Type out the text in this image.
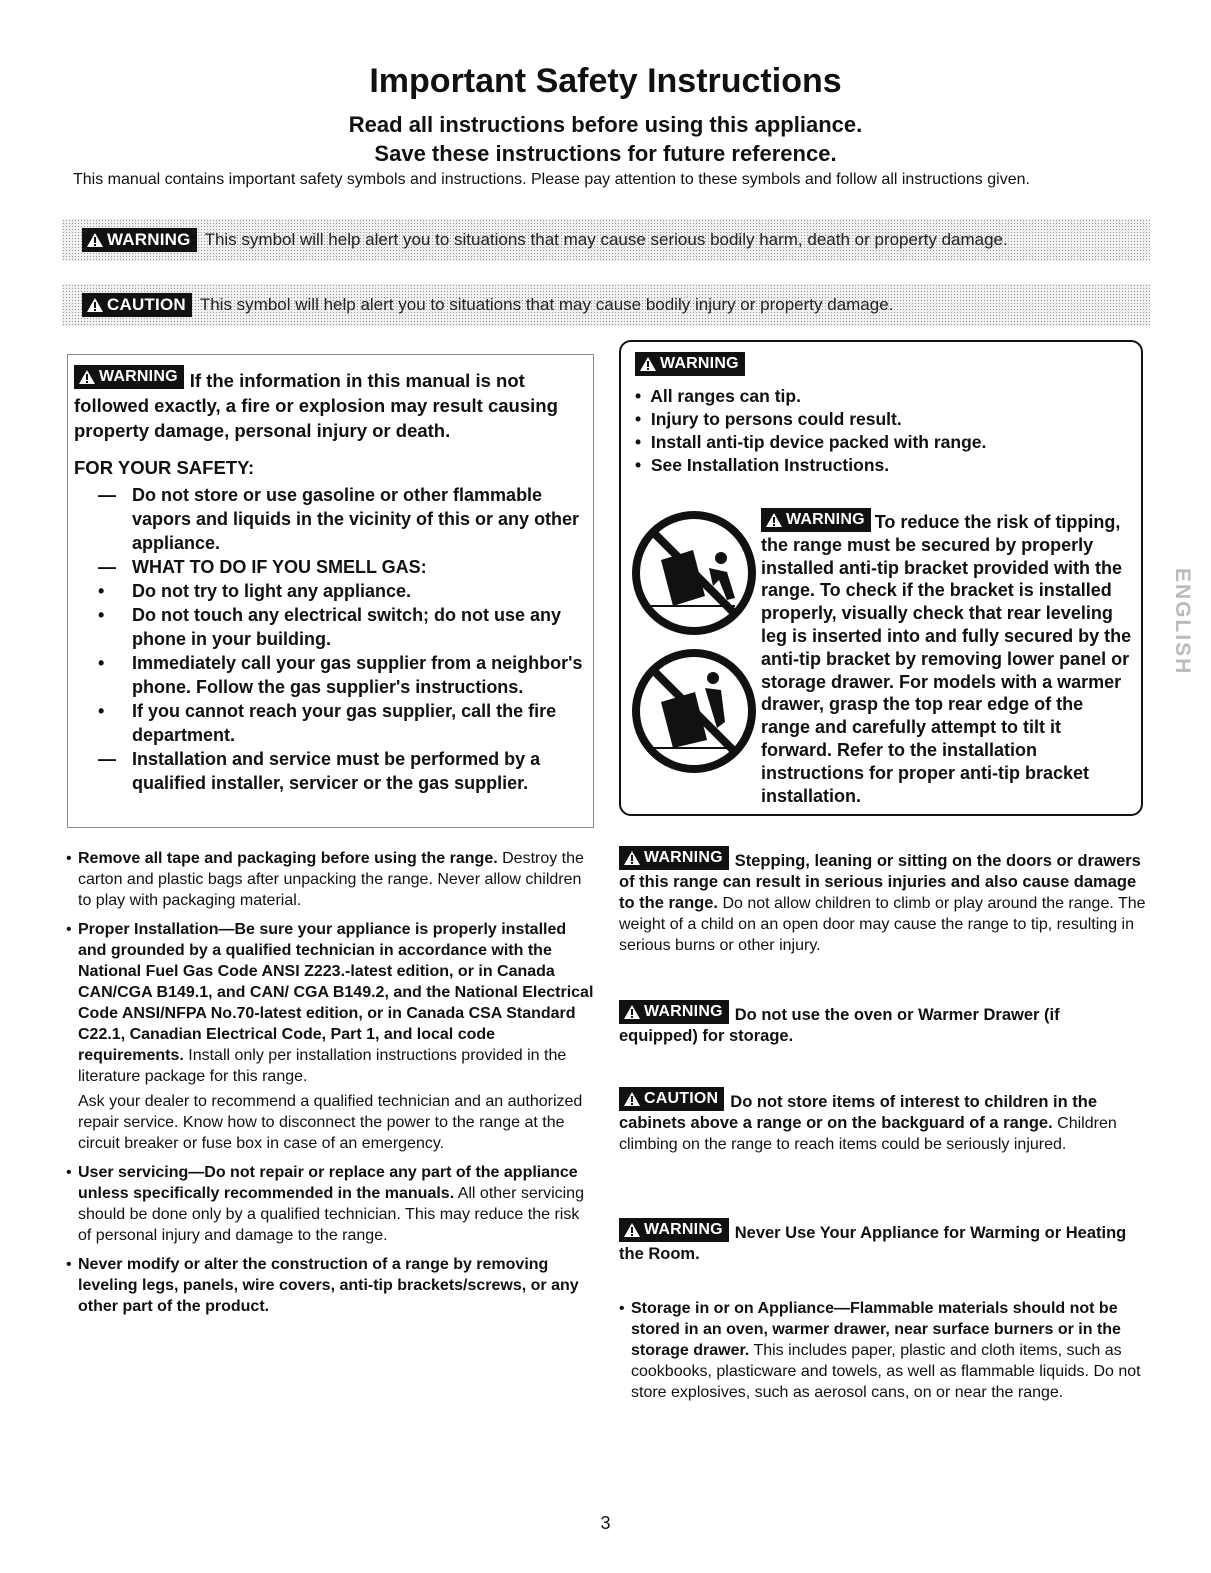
Important Safety Instructions
Read all instructions before using this appliance.
Save these instructions for future reference.
This manual contains important safety symbols and instructions. Please pay attention to these symbols and follow all instructions given.
WARNING This symbol will help alert you to situations that may cause serious bodily harm, death or property damage.
CAUTION This symbol will help alert you to situations that may cause bodily injury or property damage.
WARNING If the information in this manual is not followed exactly, a fire or explosion may result causing property damage, personal injury or death.
FOR YOUR SAFETY:
— Do not store or use gasoline or other flammable vapors and liquids in the vicinity of this or any other appliance.
— WHAT TO DO IF YOU SMELL GAS:
•	Do not try to light any appliance.
•	Do not touch any electrical switch; do not use any phone in your building.
•	Immediately call your gas supplier from a neighbor's phone. Follow the gas supplier's instructions.
•	If you cannot reach your gas supplier, call the fire department.
— Installation and service must be performed by a qualified installer, servicer or the gas supplier.
WARNING
•  All ranges can tip.
•  Injury to persons could result.
•  Install anti-tip device packed with range.
•  See Installation Instructions.
WARNING To reduce the risk of tipping, the range must be secured by properly installed anti-tip bracket provided with the range. To check if the bracket is installed properly, visually check that rear leveling leg is inserted into and fully secured by the anti-tip bracket by removing lower panel or storage drawer. For models with a warmer drawer, grasp the top rear edge of the range and carefully attempt to tilt it forward. Refer to the installation instructions for proper anti-tip bracket installation.
ENGLISH
• Remove all tape and packaging before using the range. Destroy the carton and plastic bags after unpacking the range. Never allow children to play with packaging material.
• Proper Installation—Be sure your appliance is properly installed and grounded by a qualified technician in accordance with the National Fuel Gas Code ANSI Z223.-latest edition, or in Canada CAN/CGA B149.1, and CAN/ CGA B149.2, and the National Electrical Code ANSI/NFPA No.70-latest edition, or in Canada CSA Standard C22.1, Canadian Electrical Code, Part 1, and local code requirements. Install only per installation instructions provided in the literature package for this range.
Ask your dealer to recommend a qualified technician and an authorized repair service. Know how to disconnect the power to the range at the circuit breaker or fuse box in case of an emergency.
• User servicing—Do not repair or replace any part of the appliance unless specifically recommended in the manuals. All other servicing should be done only by a qualified technician. This may reduce the risk of personal injury and damage to the range.
• Never modify or alter the construction of a range by removing leveling legs, panels, wire covers, anti-tip brackets/screws, or any other part of the product.
WARNING Stepping, leaning or sitting on the doors or drawers of this range can result in serious injuries and also cause damage to the range. Do not allow children to climb or play around the range. The weight of a child on an open door may cause the range to tip, resulting in serious burns or other injury.
WARNING Do not use the oven or Warmer Drawer (if equipped) for storage.
CAUTION Do not store items of interest to children in the cabinets above a range or on the backguard of a range. Children climbing on the range to reach items could be seriously injured.
WARNING Never Use Your Appliance for Warming or Heating the Room.
• Storage in or on Appliance—Flammable materials should not be stored in an oven, warmer drawer, near surface burners or in the storage drawer. This includes paper, plastic and cloth items, such as cookbooks, plasticware and towels, as well as flammable liquids. Do not store explosives, such as aerosol cans, on or near the range.
3
